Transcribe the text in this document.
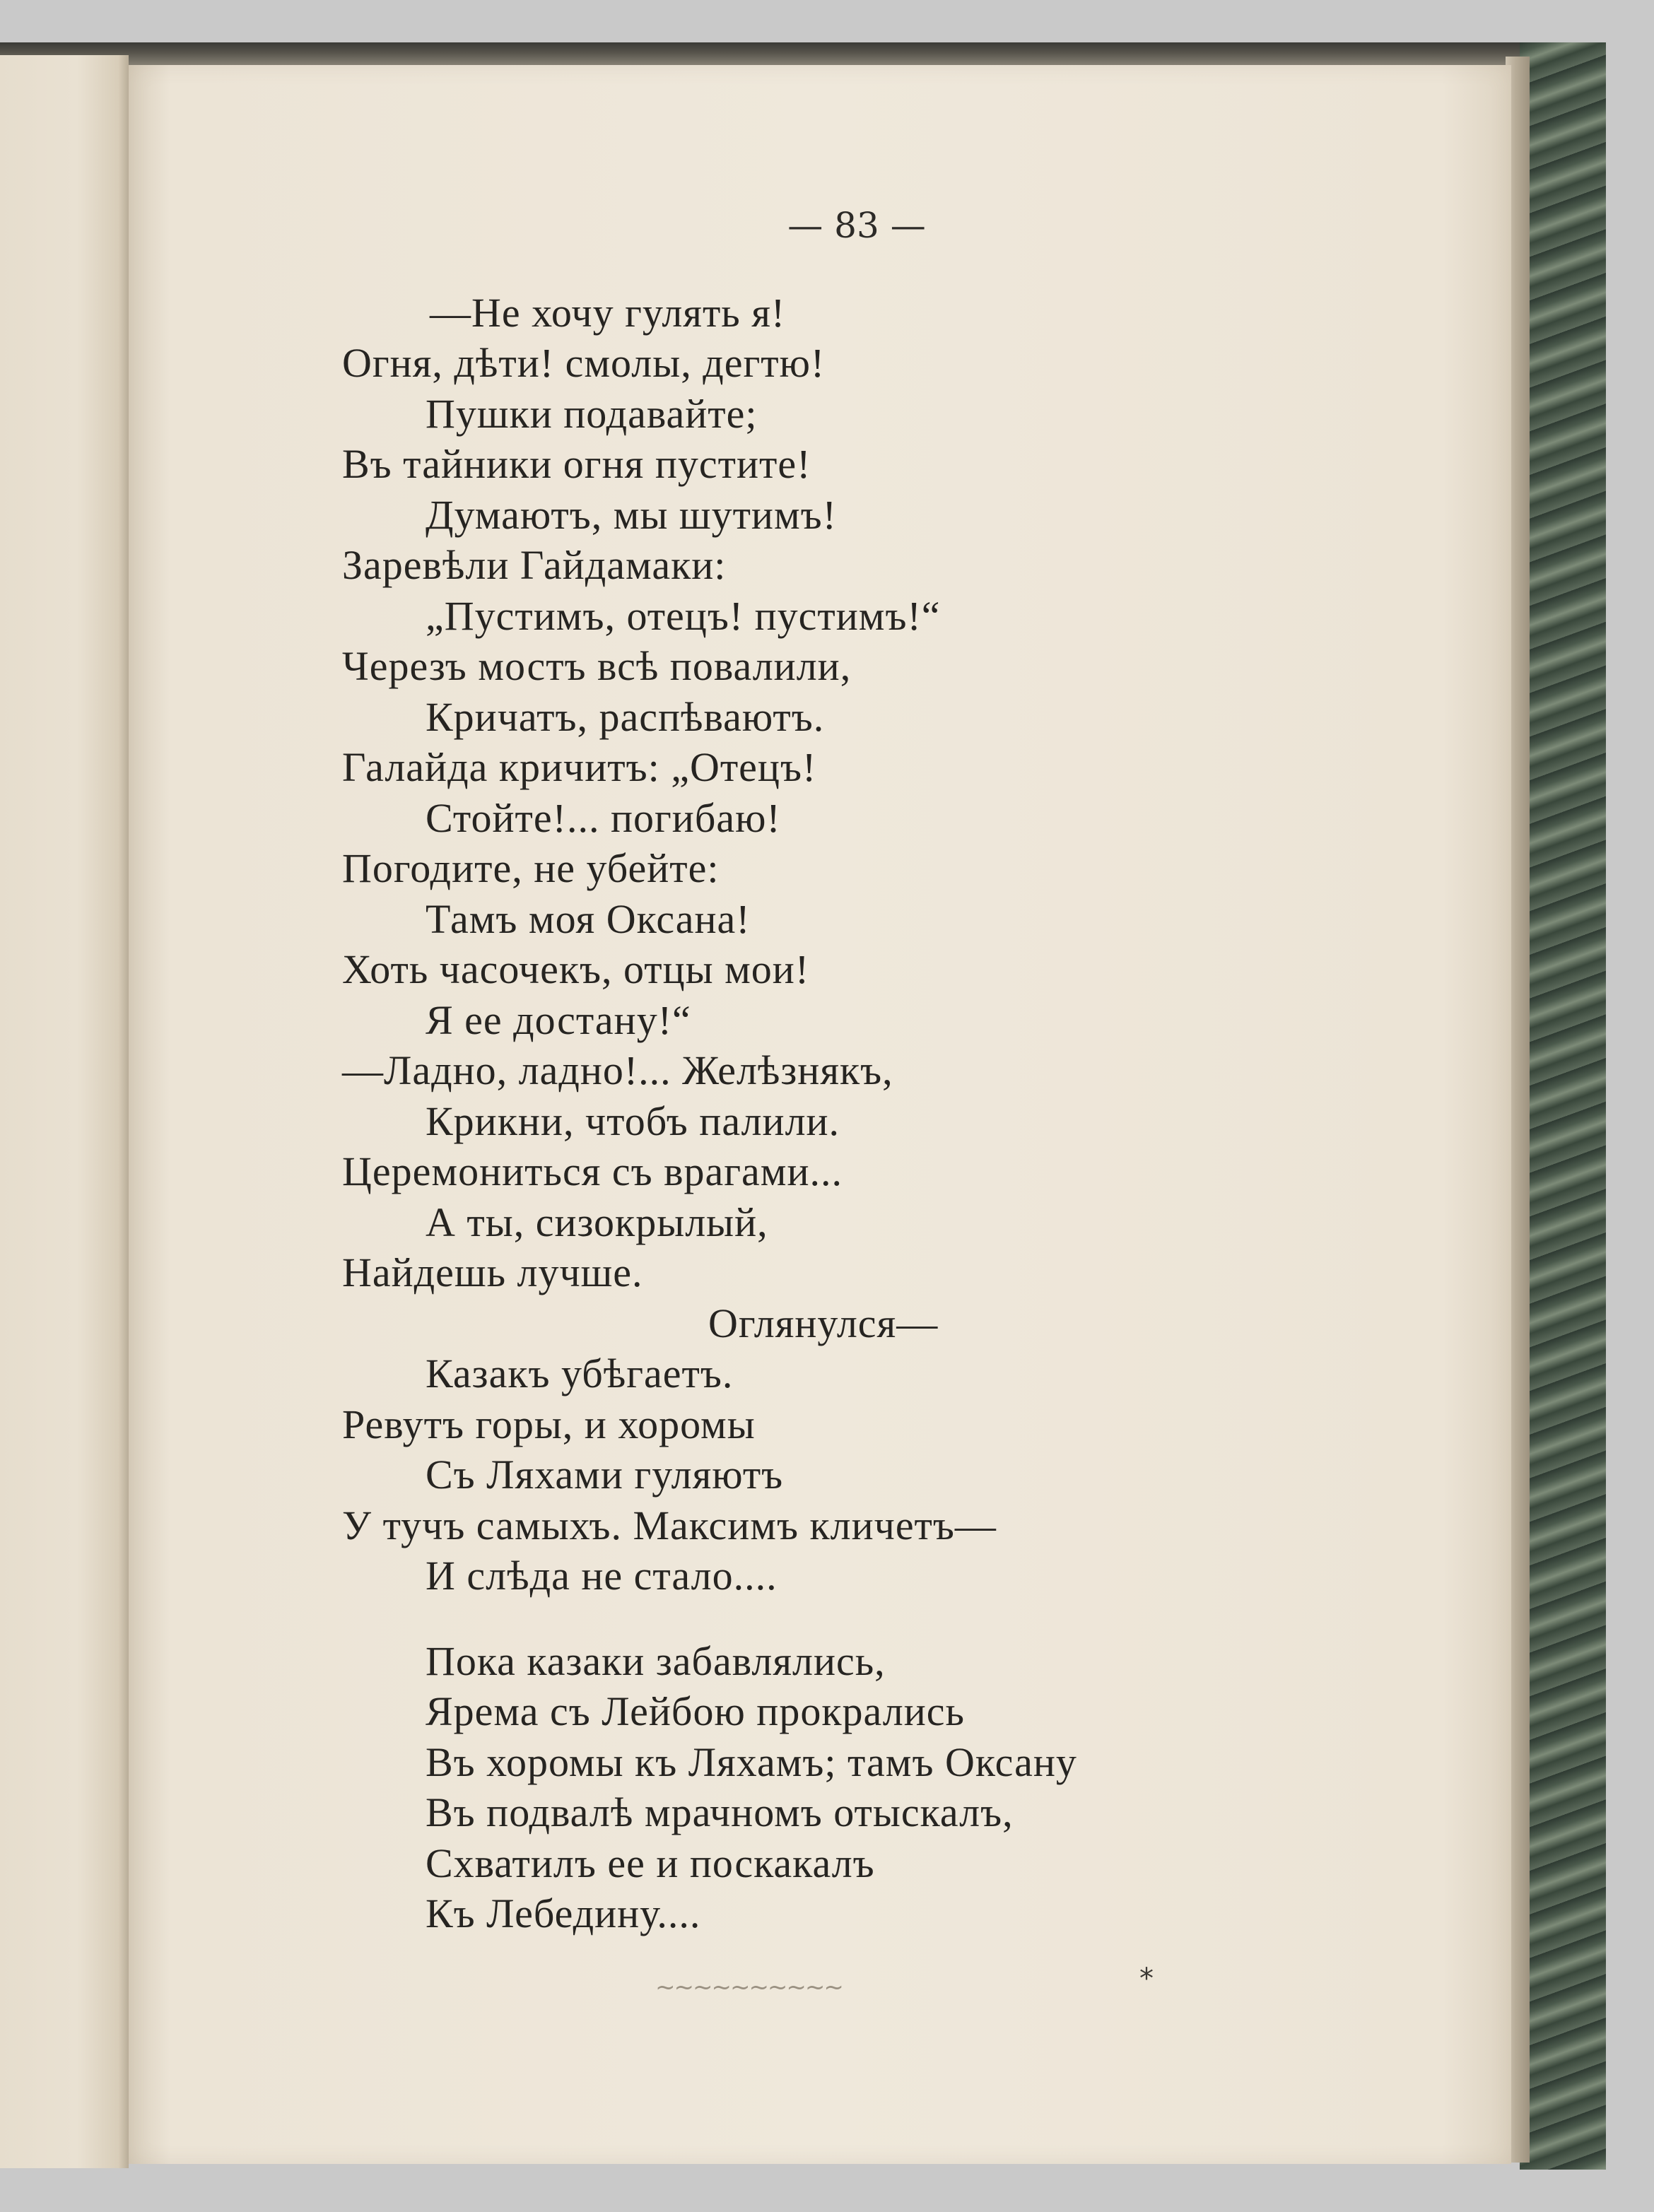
— 83 —
—Не хочу гулять я!
Огня, дѣти! смолы, дегтю!
Пушки подавайте;
Въ тайники огня пустите!
Думаютъ, мы шутимъ!
Заревѣли Гайдамаки:
„Пустимъ, отецъ! пустимъ!“
Черезъ мостъ всѣ повалили,
Кричатъ, распѣваютъ.
Галайда кричитъ: „Отецъ!
Стойте!... погибаю!
Погодите, не убейте:
Тамъ моя Оксана!
Хоть часочекъ, отцы мои!
Я ее достану!“
—Ладно, ладно!... Желѣзнякъ,
Крикни, чтобъ палили.
Церемониться съ врагами...
А ты, сизокрылый,
Найдешь лучше.
Оглянулся—
Казакъ убѣгаетъ.
Ревутъ горы, и хоромы
Съ Ляхами гуляютъ
У тучъ самыхъ. Максимъ кличетъ—
И слѣда не стало....
Пока казаки забавлялись,
Ярема съ Лейбою прокрались
Въ хоромы къ Ляхамъ; тамъ Оксану
Въ подвалѣ мрачномъ отыскалъ,
Схватилъ ее и поскакалъ
Къ Лебедину....
~~~~~~~~~~	*
